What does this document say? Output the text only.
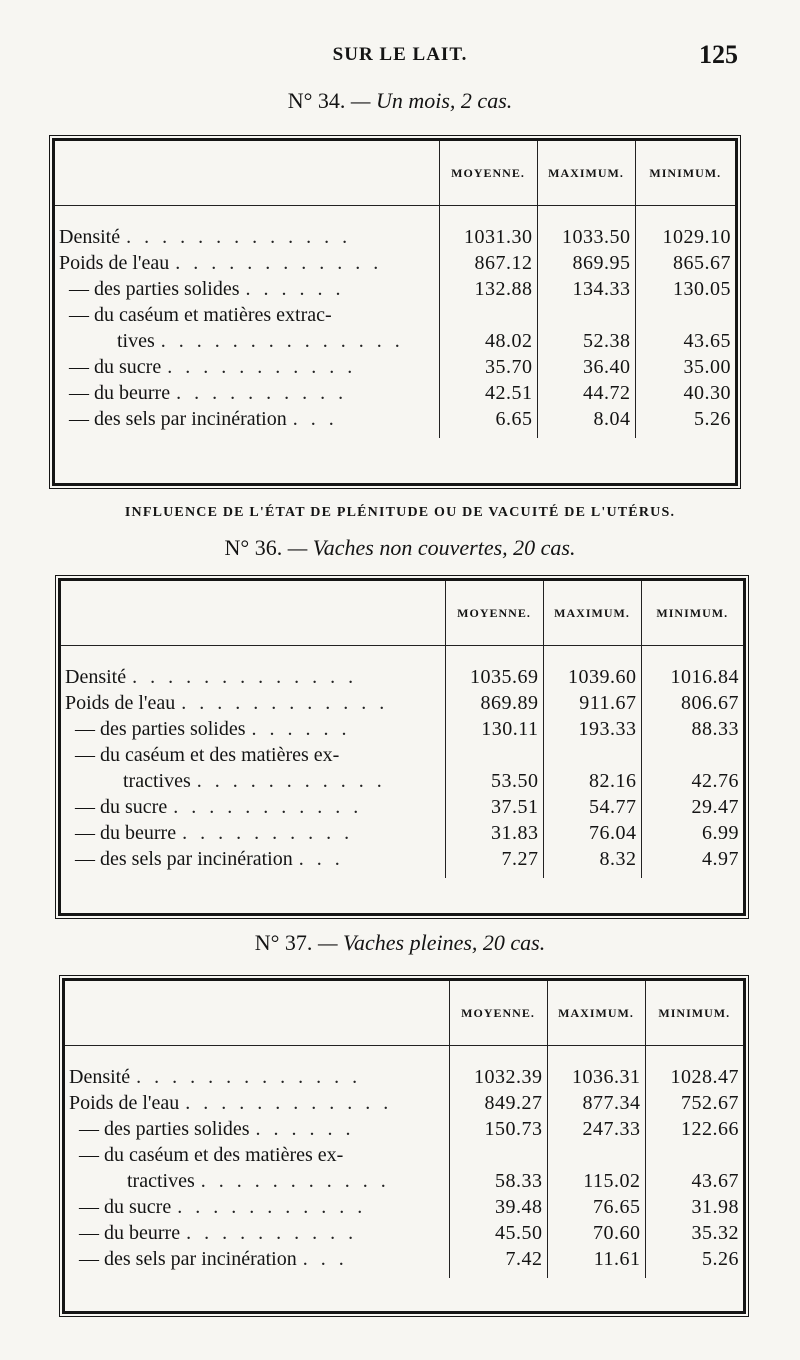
SUR LE LAIT.	125
N° 34. — Un mois, 2 cas.
	MOYENNE.	MAXIMUM.	MINIMUM.

Densité . . . . . . . . . . . . .	1031.30	1033.50	1029.10
Poids de l'eau . . . . . . . . . . . .	867.12	869.95	865.67
— des parties solides . . . . . .	132.88	134.33	130.05
— du caséum et matières extrac-			
tives . . . . . . . . . . . . . .	48.02	52.38	43.65
— du sucre . . . . . . . . . . .	35.70	36.40	35.00
— du beurre . . . . . . . . . .	42.51	44.72	40.30
— des sels par incinération . . .	6.65	8.04	5.26
INFLUENCE DE L'ÉTAT DE PLÉNITUDE OU DE VACUITÉ DE L'UTÉRUS.
N° 36. — Vaches non couvertes, 20 cas.
	MOYENNE.	MAXIMUM.	MINIMUM.

Densité . . . . . . . . . . . . .	1035.69	1039.60	1016.84
Poids de l'eau . . . . . . . . . . . .	869.89	911.67	806.67
— des parties solides . . . . . .	130.11	193.33	88.33
— du caséum et des matières ex-			
tractives . . . . . . . . . . .	53.50	82.16	42.76
— du sucre . . . . . . . . . . .	37.51	54.77	29.47
— du beurre . . . . . . . . . .	31.83	76.04	6.99
— des sels par incinération . . .	7.27	8.32	4.97
N° 37. — Vaches pleines, 20 cas.
	MOYENNE.	MAXIMUM.	MINIMUM.

Densité . . . . . . . . . . . . .	1032.39	1036.31	1028.47
Poids de l'eau . . . . . . . . . . . .	849.27	877.34	752.67
— des parties solides . . . . . .	150.73	247.33	122.66
— du caséum et des matières ex-			
tractives . . . . . . . . . . .	58.33	115.02	43.67
— du sucre . . . . . . . . . . .	39.48	76.65	31.98
— du beurre . . . . . . . . . .	45.50	70.60	35.32
— des sels par incinération . . .	7.42	11.61	5.26
